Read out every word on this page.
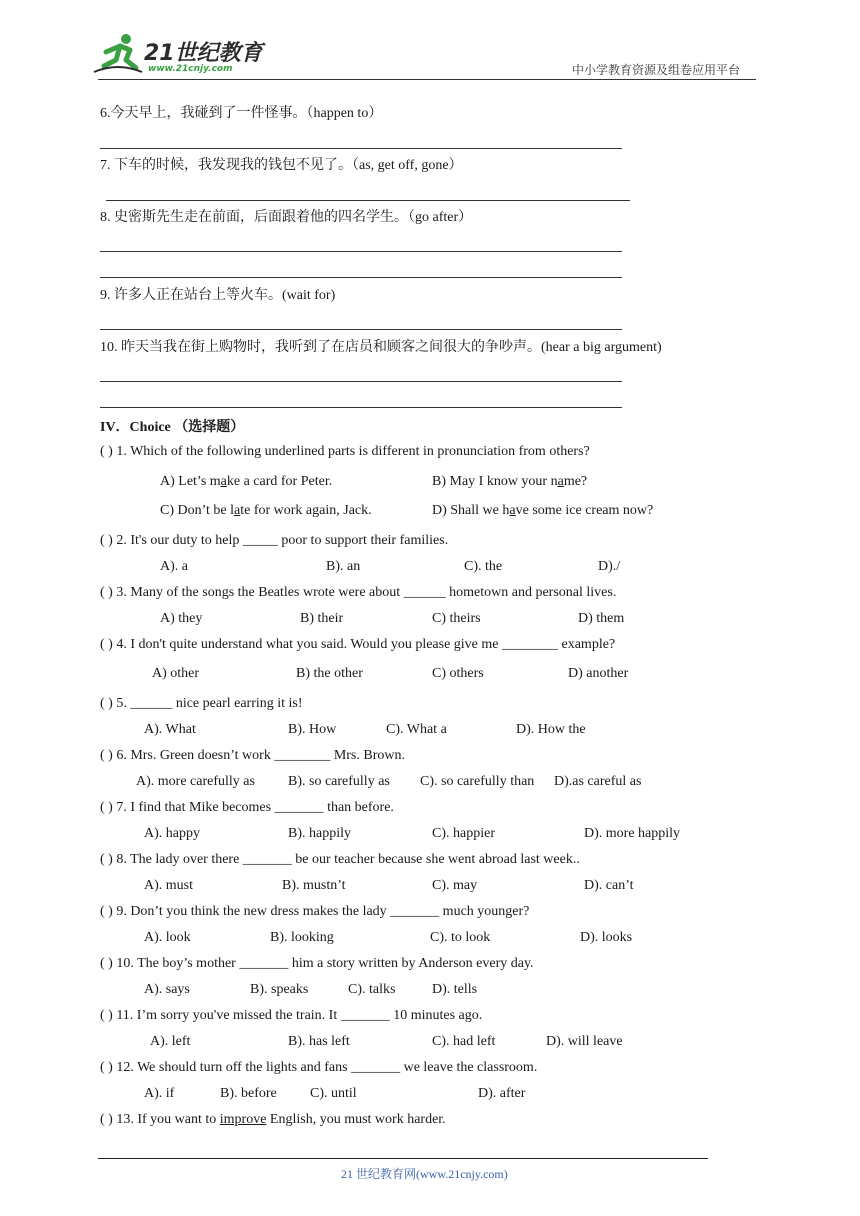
21世纪教育
www.21cnjy.com	中小学教育资源及组卷应用平台
6.今天早上，我碰到了一件怪事。（happen to）
7. 下车的时候，我发现我的钱包不见了。（as, get off, gone）
8. 史密斯先生走在前面，后面跟着他的四名学生。（go after）
9. 许多人正在站台上等火车。(wait for)
10. 昨天当我在街上购物时，我听到了在店员和顾客之间很大的争吵声。(hear a big argument)
IV．Choice （选择题）
( ) 1. Which of the following underlined parts is different in pronunciation from others?
A) Let’s make a card for Peter.	B) May I know your name?
C) Don’t be late for work again, Jack.	D) Shall we have some ice cream now?
( ) 2. It's our duty to help _____ poor to support their families.
A). a	B). an	C). the	D)./
( ) 3. Many of the songs the Beatles wrote were about ______ hometown and personal lives.
A) they	B) their	C) theirs	D) them
( ) 4. I don't quite understand what you said. Would you please give me ________ example?
A) other	B) the other	C) others	D) another
( ) 5. ______ nice pearl earring it is!
A). What	B). How	C). What a	D). How the
( ) 6. Mrs. Green doesn’t work ________ Mrs. Brown.
A). more carefully as B). so carefully as C). so carefully than D).as careful as
( ) 7. I find that Mike becomes _______ than before.
A). happy	B). happily	C). happier	D). more happily
( ) 8. The lady over there _______ be our teacher because she went abroad last week..
A). must	B). mustn’t	C). may	D). can’t
( ) 9. Don’t you think the new dress makes the lady _______ much younger?
A). look	B). looking	C). to look	D). looks
( ) 10. The boy’s mother _______ him a story written by Anderson every day.
A). says	B). speaks	C). talks	D). tells
( ) 11. I’m sorry you've missed the train. It _______ 10 minutes ago.
A). left	B). has left	C). had left	D). will leave
( ) 12. We should turn off the lights and fans _______ we leave the classroom.
A). if	B). before C). until	D). after
( ) 13. If you want to improve English, you must work harder.
21 世纪教育网(www.21cnjy.com)
